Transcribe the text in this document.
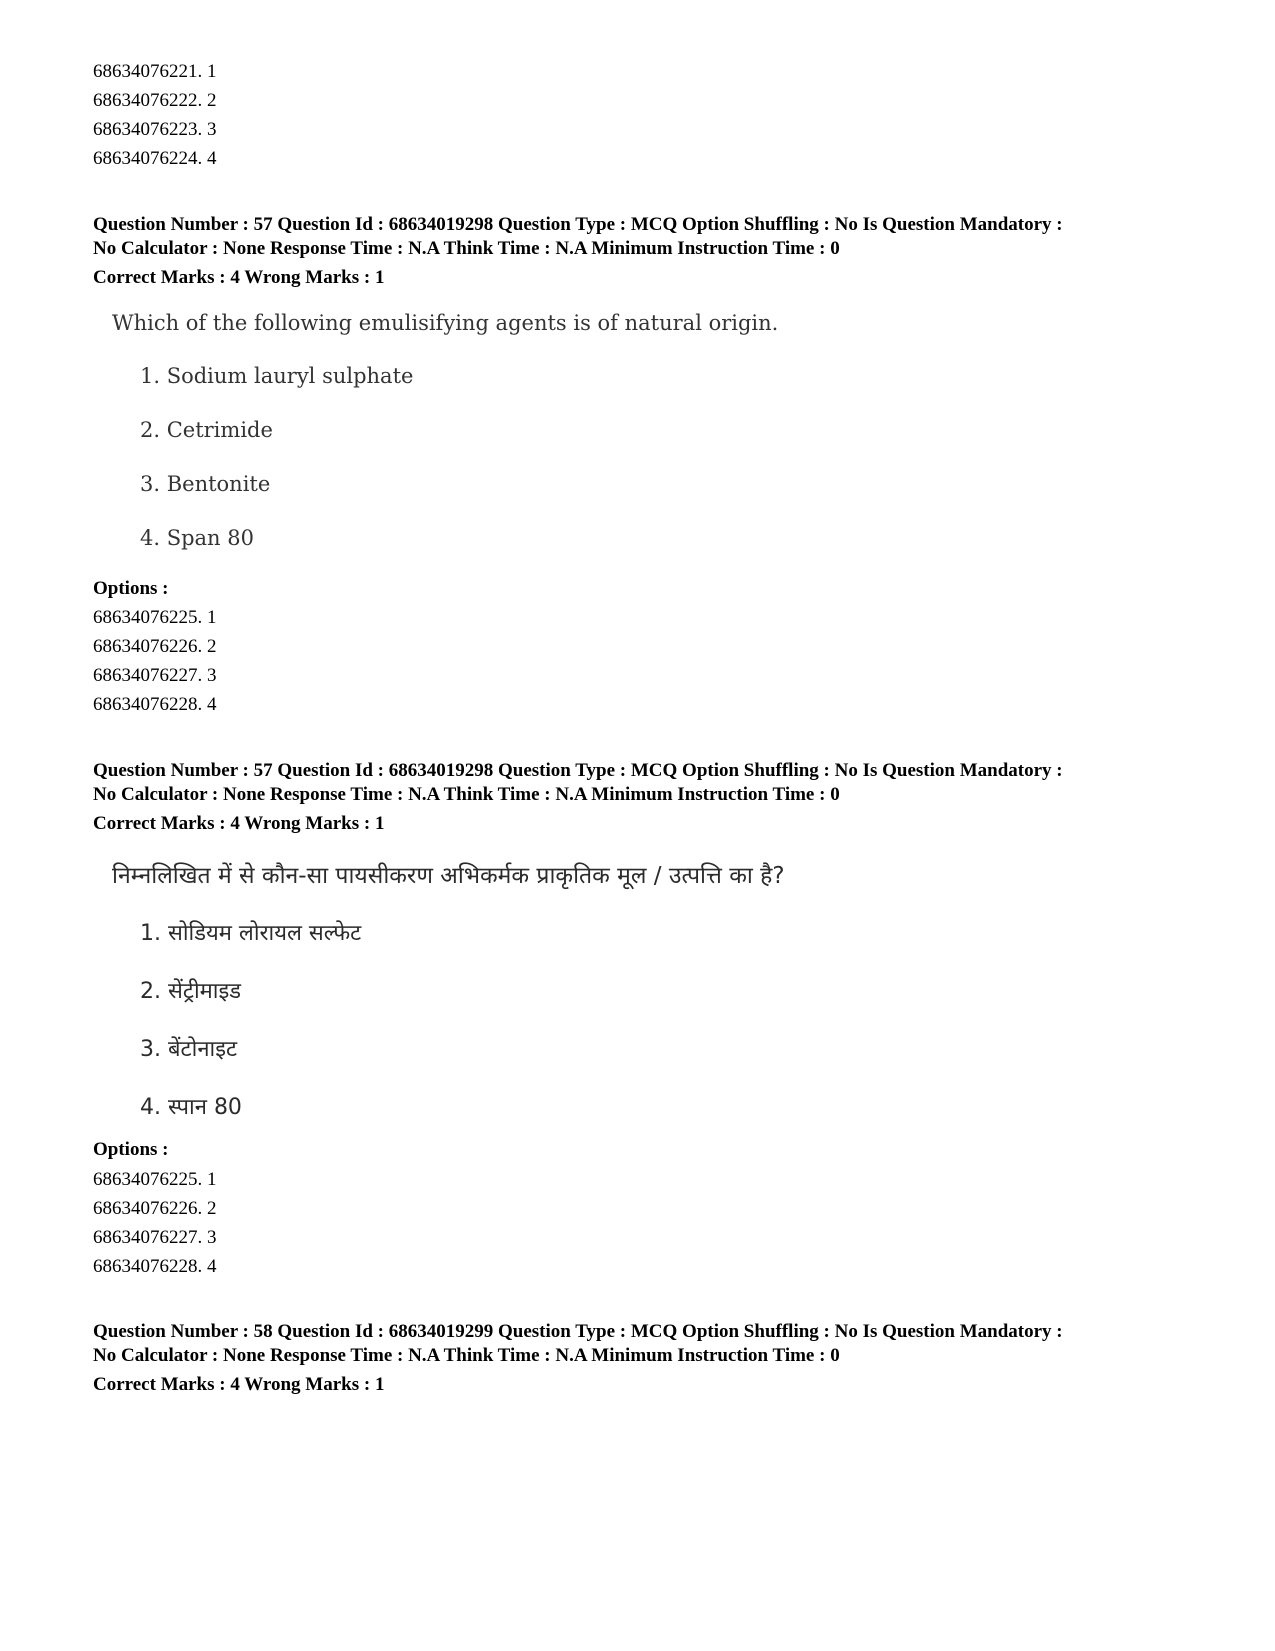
68634076221. 1
68634076222. 2
68634076223. 3
68634076224. 4
Question Number : 57 Question Id : 68634019298 Question Type : MCQ Option Shuffling : No Is Question Mandatory :
No Calculator : None Response Time : N.A Think Time : N.A Minimum Instruction Time : 0
Correct Marks : 4 Wrong Marks : 1
Which of the following emulisifying agents is of natural origin.
1. Sodium lauryl sulphate
2. Cetrimide
3. Bentonite
4. Span 80
Options :
68634076225. 1
68634076226. 2
68634076227. 3
68634076228. 4
Question Number : 57 Question Id : 68634019298 Question Type : MCQ Option Shuffling : No Is Question Mandatory :
No Calculator : None Response Time : N.A Think Time : N.A Minimum Instruction Time : 0
Correct Marks : 4 Wrong Marks : 1
निम्नलिखित में से कौन-सा पायसीकरण अभिकर्मक प्राकृतिक मूल / उत्पत्ति का है?
1. सोडियम लोरायल सल्फेट
2. सेंट्रीमाइड
3. बेंटोनाइट
4. स्पान 80
Options :
68634076225. 1
68634076226. 2
68634076227. 3
68634076228. 4
Question Number : 58 Question Id : 68634019299 Question Type : MCQ Option Shuffling : No Is Question Mandatory :
No Calculator : None Response Time : N.A Think Time : N.A Minimum Instruction Time : 0
Correct Marks : 4 Wrong Marks : 1
